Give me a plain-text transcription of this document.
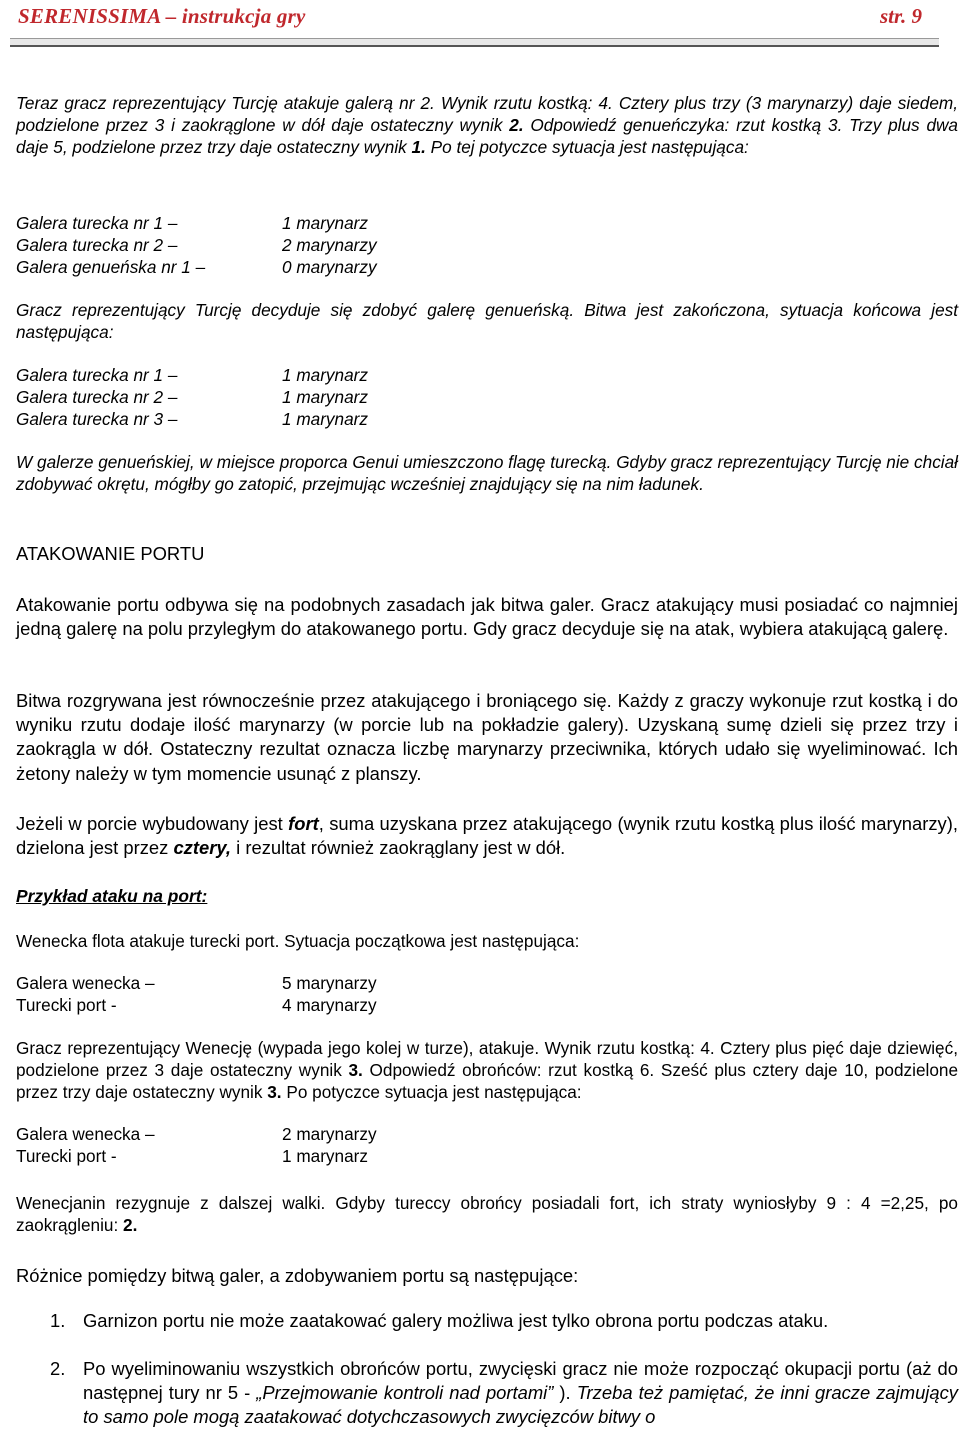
SERENISSIMA – instrukcja gry	str. 9
Teraz gracz reprezentujący Turcję atakuje galerą nr 2. Wynik rzutu kostką: 4. Cztery plus trzy (3 marynarzy) daje siedem, podzielone przez 3 i zaokrąglone w dół daje ostateczny wynik 2. Odpowiedź genueńczyka: rzut kostką 3. Trzy plus dwa daje 5, podzielone przez trzy daje ostateczny wynik 1. Po tej potyczce sytuacja jest następująca:
Galera turecka nr 1 –	1 marynarz
Galera turecka nr 2 –	2 marynarzy
Galera genueńska nr 1 –	0 marynarzy
Gracz reprezentujący Turcję decyduje się zdobyć galerę genueńską. Bitwa jest zakończona, sytuacja końcowa jest następująca:
Galera turecka nr 1 –	1 marynarz
Galera turecka nr 2 –	1 marynarz
Galera turecka nr 3 –	1 marynarz
W galerze genueńskiej, w miejsce proporca Genui umieszczono flagę turecką. Gdyby gracz reprezentujący Turcję nie chciał zdobywać okrętu, mógłby go zatopić, przejmując wcześniej znajdujący się na nim ładunek.
ATAKOWANIE PORTU
Atakowanie portu odbywa się na podobnych zasadach jak bitwa galer. Gracz atakujący musi posiadać co najmniej jedną galerę na polu przyległym do atakowanego portu. Gdy gracz decyduje się na atak, wybiera atakującą galerę.
Bitwa rozgrywana jest równocześnie przez atakującego i broniącego się. Każdy z graczy wykonuje rzut kostką i do wyniku rzutu dodaje ilość marynarzy (w porcie lub na pokładzie galery). Uzyskaną sumę dzieli się przez trzy i zaokrągla w dół. Ostateczny rezultat oznacza liczbę marynarzy przeciwnika, których udało się wyeliminować. Ich żetony należy w tym momencie usunąć z planszy.
Jeżeli w porcie wybudowany jest fort, suma uzyskana przez atakującego (wynik rzutu kostką plus ilość marynarzy), dzielona jest przez cztery, i rezultat również zaokrąglany jest w dół.
Przykład ataku na port:
Wenecka flota atakuje turecki port. Sytuacja początkowa jest następująca:
Galera wenecka –	5 marynarzy
Turecki port -	4 marynarzy
Gracz reprezentujący Wenecję (wypada jego kolej w turze), atakuje. Wynik rzutu kostką: 4. Cztery plus pięć daje dziewięć, podzielone przez 3 daje ostateczny wynik 3. Odpowiedź obrońców: rzut kostką 6. Sześć plus cztery daje 10, podzielone przez trzy daje ostateczny wynik 3. Po potyczce sytuacja jest następująca:
Galera wenecka –	2 marynarzy
Turecki port -	1 marynarz
Wenecjanin rezygnuje z dalszej walki. Gdyby tureccy obrońcy posiadali fort, ich straty wyniosłyby 9 : 4 =2,25, po zaokrągleniu: 2.
Różnice pomiędzy bitwą galer, a zdobywaniem portu są następujące:
1. Garnizon portu nie może zaatakować galery możliwa jest tylko obrona portu podczas ataku.
2. Po wyeliminowaniu wszystkich obrońców portu, zwycięski gracz nie może rozpocząć okupacji portu (aż do następnej tury nr 5 - „Przejmowanie kontroli nad portami” ). Trzeba też pamiętać, że inni gracze zajmujący to samo pole mogą zaatakować dotychczasowych zwycięzców bitwy o
